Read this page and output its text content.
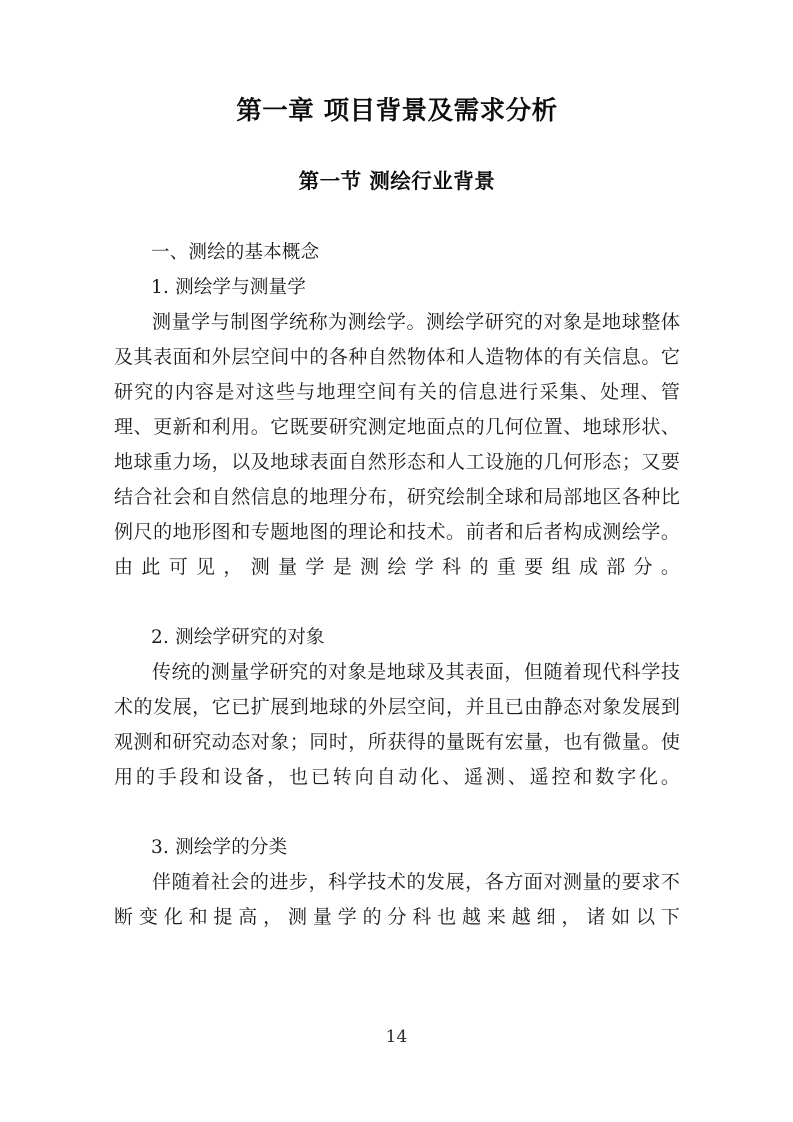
第一章 项目背景及需求分析
第一节 测绘行业背景

一、测绘的基本概念

1. 测绘学与测量学

测量学与制图学统称为测绘学。测绘学研究的对象是地球整体及其表面和外层空间中的各种自然物体和人造物体的有关信息。它研究的内容是对这些与地理空间有关的信息进行采集、处理、管理、更新和利用。它既要研究测定地面点的几何位置、地球形状、地球重力场，以及地球表面自然形态和人工设施的几何形态；又要结合社会和自然信息的地理分布，研究绘制全球和局部地区各种比例尺的地形图和专题地图的理论和技术。前者和后者构成测绘学。由此可见，测量学是测绘学科的重要组成部分。

2. 测绘学研究的对象

传统的测量学研究的对象是地球及其表面，但随着现代科学技术的发展，它已扩展到地球的外层空间，并且已由静态对象发展到观测和研究动态对象；同时，所获得的量既有宏量，也有微量。使用的手段和设备，也已转向自动化、遥测、遥控和数字化。

3. 测绘学的分类

伴随着社会的进步，科学技术的发展，各方面对测量的要求不断变化和提高，测量学的分科也越来越细，诸如以下

14
